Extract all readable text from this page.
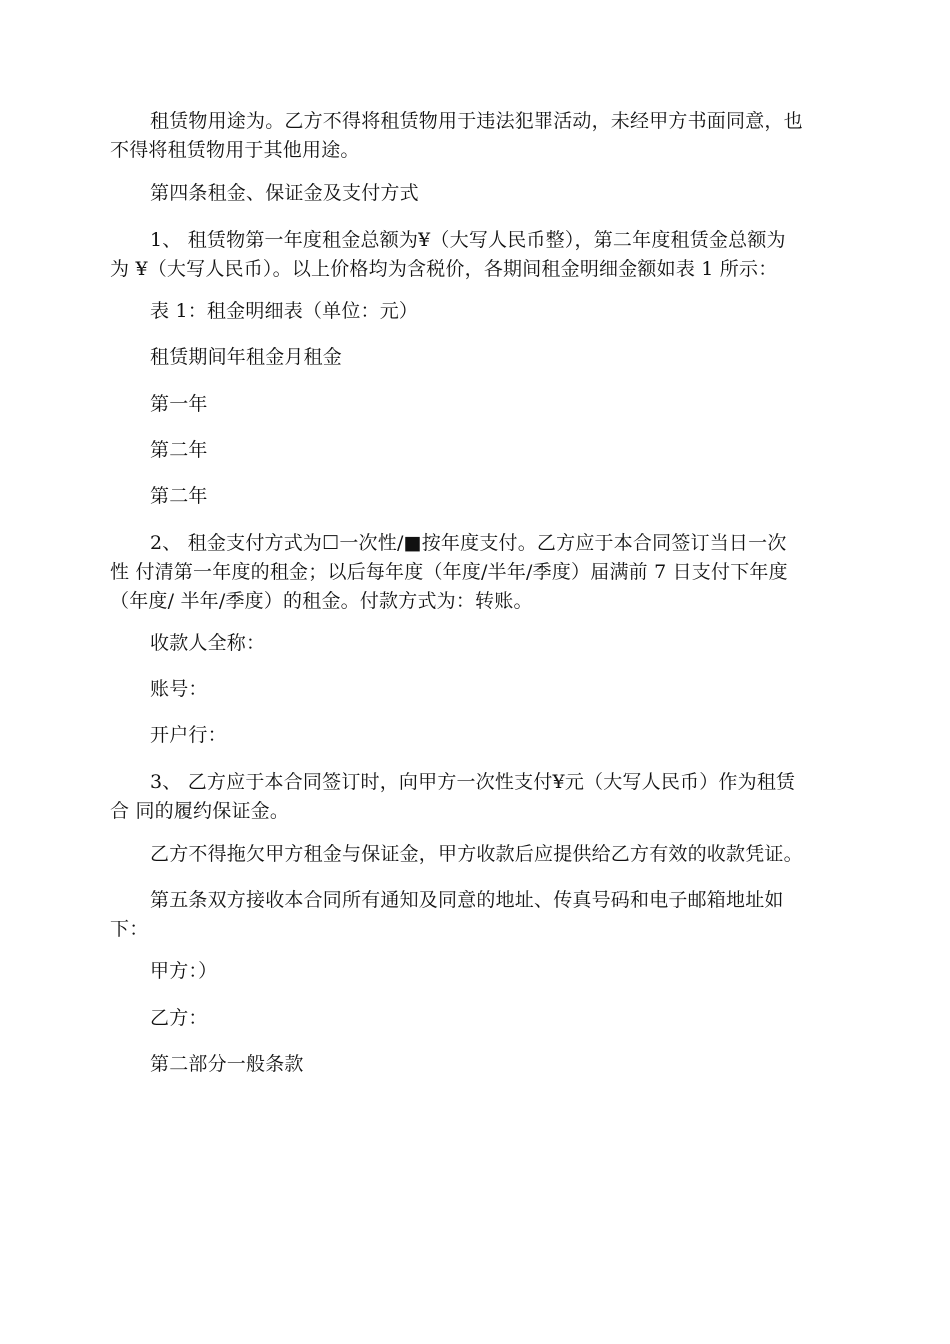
租赁物用途为。乙方不得将租赁物用于违法犯罪活动，未经甲方书面同意，也
不得将租赁物用于其他用途。

第四条租金、保证金及支付方式

1、 租赁物第一年度租金总额为¥（大写人民币整），第二年度租赁金总额为
为 ¥（大写人民币）。以上价格均为含税价，各期间租金明细金额如表 1 所示：

表 1：租金明细表（单位：元）

租赁期间年租金月租金

第一年

第二年

第二年

2、 租金支付方式为☐一次性/■按年度支付。乙方应于本合同签订当日一次
性 付清第一年度的租金；以后每年度（年度/半年/季度）届满前 7 日支付下年度
（年度/ 半年/季度）的租金。付款方式为：转账。

收款人全称：

账号：

开户行：

3、 乙方应于本合同签订时，向甲方一次性支付¥元（大写人民币）作为租赁
合 同的履约保证金。

乙方不得拖欠甲方租金与保证金，甲方收款后应提供给乙方有效的收款凭证。

第五条双方接收本合同所有通知及同意的地址、传真号码和电子邮箱地址如
下：

甲方：）

乙方：

第二部分一般条款
